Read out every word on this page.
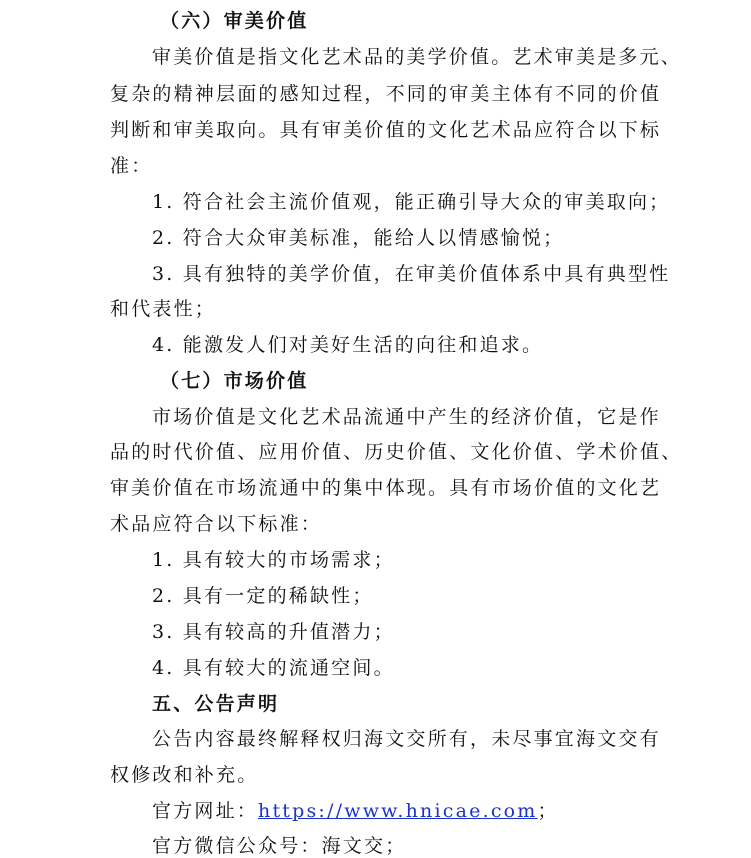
（六）审美价值
审美价值是指文化艺术品的美学价值。艺术审美是多元、
复杂的精神层面的感知过程，不同的审美主体有不同的价值
判断和审美取向。具有审美价值的文化艺术品应符合以下标
准：
1. 符合社会主流价值观，能正确引导大众的审美取向；
2. 符合大众审美标准，能给人以情感愉悦；
3. 具有独特的美学价值，在审美价值体系中具有典型性
和代表性；
4. 能激发人们对美好生活的向往和追求。
（七）市场价值
市场价值是文化艺术品流通中产生的经济价值，它是作
品的时代价值、应用价值、历史价值、文化价值、学术价值、
审美价值在市场流通中的集中体现。具有市场价值的文化艺
术品应符合以下标准：
1. 具有较大的市场需求；
2. 具有一定的稀缺性；
3. 具有较高的升值潜力；
4. 具有较大的流通空间。
五、公告声明
公告内容最终解释权归海文交所有，未尽事宜海文交有
权修改和补充。
官方网址：https://www.hnicae.com；
官方微信公众号：海文交；
